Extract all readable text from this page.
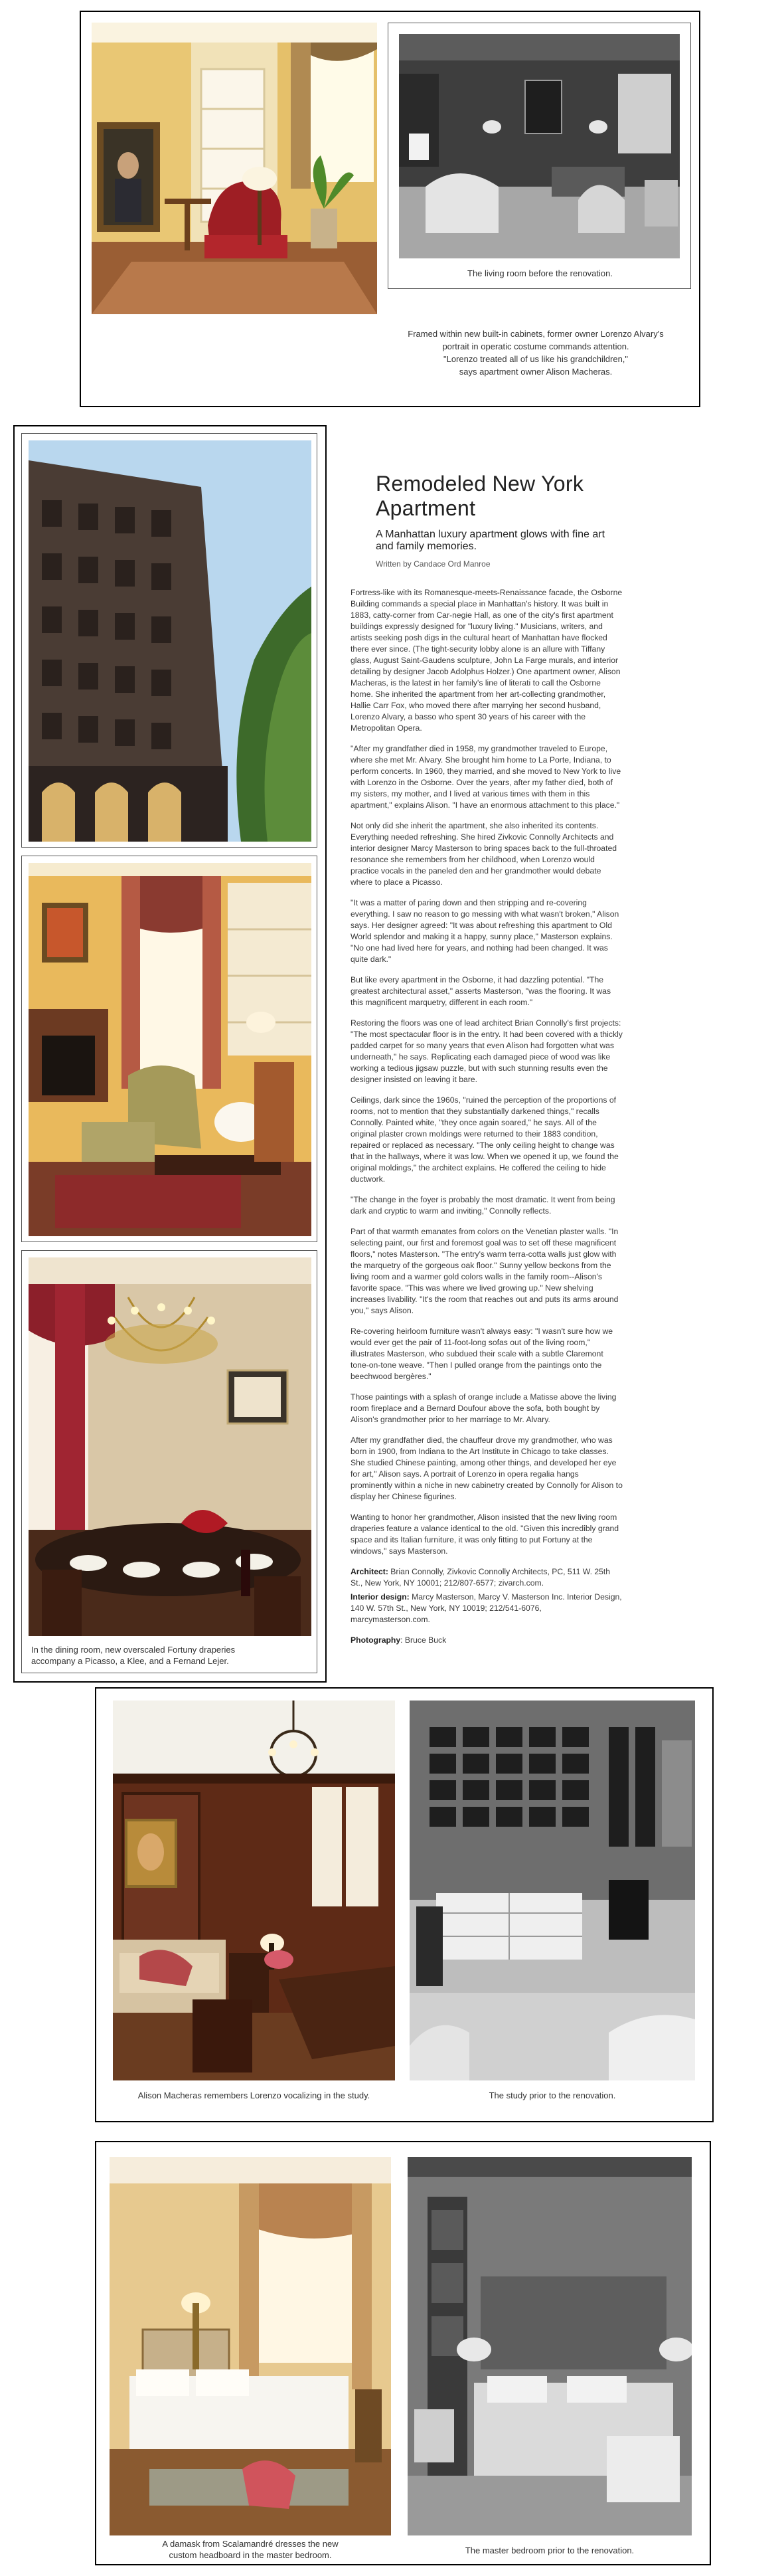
The living room before the renovation.
Framed within new built-in cabinets, former owner Lorenzo Alvary's
portrait in operatic costume commands attention.
"Lorenzo treated all of us like his grandchildren,"
says apartment owner Alison Macheras.
In the dining room, new overscaled Fortuny draperies
accompany a Picasso, a Klee, and a Fernand Lejer.
Remodeled New York Apartment
A Manhattan luxury apartment glows with fine art and family memories.
Written by Candace Ord Manroe

Fortress-like with its Romanesque-meets-Renaissance facade, the Osborne Building commands a special place in Manhattan's history. It was built in 1883, catty-corner from Car-negie Hall, as one of the city's first apartment buildings expressly designed for "luxury living." Musicians, writers, and artists seeking posh digs in the cultural heart of Manhattan have flocked there ever since. (The tight-security lobby alone is an allure with Tiffany glass, August Saint-Gaudens sculpture, John La Farge murals, and interior detailing by designer Jacob Adolphus Holzer.) One apartment owner, Alison Macheras, is the latest in her family's line of literati to call the Osborne home. She inherited the apartment from her art-collecting grandmother, Hallie Carr Fox, who moved there after marrying her second husband, Lorenzo Alvary, a basso who spent 30 years of his career with the Metropolitan Opera.

"After my grandfather died in 1958, my grandmother traveled to Europe, where she met Mr. Alvary. She brought him home to La Porte, Indiana, to perform concerts. In 1960, they married, and she moved to New York to live with Lorenzo in the Osborne. Over the years, after my father died, both of my sisters, my mother, and I lived at various times with them in this apartment," explains Alison. "I have an enormous attachment to this place."

Not only did she inherit the apartment, she also inherited its contents. Everything needed refreshing. She hired Zivkovic Connolly Architects and interior designer Marcy Masterson to bring spaces back to the full-throated resonance she remembers from her childhood, when Lorenzo would practice vocals in the paneled den and her grandmother would debate where to place a Picasso.

"It was a matter of paring down and then stripping and re-covering everything. I saw no reason to go messing with what wasn't broken," Alison says. Her designer agreed: "It was about refreshing this apartment to Old World splendor and making it a happy, sunny place," Masterson explains. "No one had lived here for years, and nothing had been changed. It was quite dark."

But like every apartment in the Osborne, it had dazzling potential. "The greatest architectural asset," asserts Masterson, "was the flooring. It was this magnificent marquetry, different in each room."

Restoring the floors was one of lead architect Brian Connolly's first projects: "The most spectacular floor is in the entry. It had been covered with a thickly padded carpet for so many years that even Alison had forgotten what was underneath," he says. Replicating each damaged piece of wood was like working a tedious jigsaw puzzle, but with such stunning results even the designer insisted on leaving it bare.

Ceilings, dark since the 1960s, "ruined the perception of the proportions of rooms, not to mention that they substantially darkened things," recalls Connolly. Painted white, "they once again soared," he says. All of the original plaster crown moldings were returned to their 1883 condition, repaired or replaced as necessary. "The only ceiling height to change was that in the hallways, where it was low. When we opened it up, we found the original moldings," the architect explains. He coffered the ceiling to hide ductwork.

"The change in the foyer is probably the most dramatic. It went from being dark and cryptic to warm and inviting," Connolly reflects.

Part of that warmth emanates from colors on the Venetian plaster walls. "In selecting paint, our first and foremost goal was to set off these magnificent floors," notes Masterson. "The entry's warm terra-cotta walls just glow with the marquetry of the gorgeous oak floor." Sunny yellow beckons from the living room and a warmer gold colors walls in the family room--Alison's favorite space. "This was where we lived growing up." New shelving increases livability. "It's the room that reaches out and puts its arms around you," says Alison.

Re-covering heirloom furniture wasn't always easy: "I wasn't sure how we would ever get the pair of 11-foot-long sofas out of the living room," illustrates Masterson, who subdued their scale with a subtle Claremont tone-on-tone weave. "Then I pulled orange from the paintings onto the beechwood bergères."

Those paintings with a splash of orange include a Matisse above the living room fireplace and a Bernard Doufour above the sofa, both bought by Alison's grandmother prior to her marriage to Mr. Alvary.

After my grandfather died, the chauffeur drove my grandmother, who was born in 1900, from Indiana to the Art Institute in Chicago to take classes. She studied Chinese painting, among other things, and developed her eye for art," Alison says. A portrait of Lorenzo in opera regalia hangs prominently within a niche in new cabinetry created by Connolly for Alison to display her Chinese figurines.

Wanting to honor her grandmother, Alison insisted that the new living room draperies feature a valance identical to the old. "Given this incredibly grand space and its Italian furniture, it was only fitting to put Fortuny at the windows," says Masterson.

Architect: Brian Connolly, Zivkovic Connolly Architects, PC, 511 W. 25th St., New York, NY 10001; 212/807-6577; zivarch.com.

Interior design: Marcy Masterson, Marcy V. Masterson Inc. Interior Design, 140 W. 57th St., New York, NY 10019; 212/541-6076, marcymasterson.com.

Photography: Bruce Buck

Alison Macheras remembers Lorenzo vocalizing in the study.	The study prior to the renovation.
A damask from Scalamandré dresses the new
custom headboard in the master bedroom.	The master bedroom prior to the renovation.
